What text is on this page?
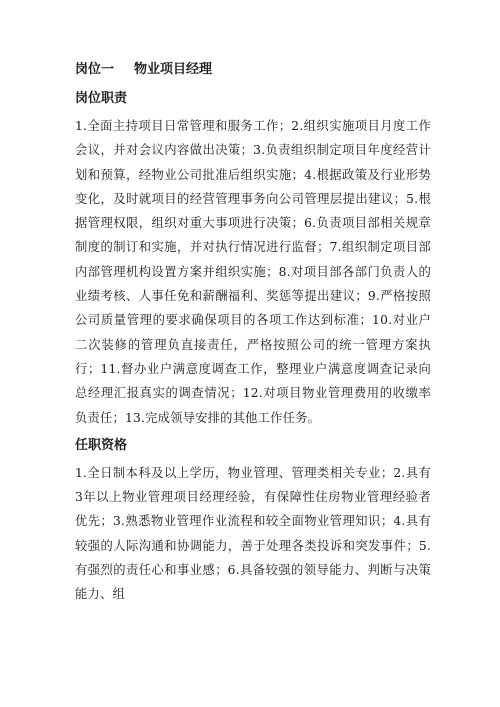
岗位一 物业项目经理
岗位职责

1.全面主持项目日常管理和服务工作；2.组织实施项目月度工作会议，并对会议内容做出决策；3.负责组织制定项目年度经营计划和预算，经物业公司批准后组织实施；4.根据政策及行业形势变化，及时就项目的经营管理事务向公司管理层提出建议；5.根据管理权限，组织对重大事项进行决策；6.负责项目部相关规章制度的制订和实施，并对执行情况进行监督；7.组织制定项目部内部管理机构设置方案并组织实施；8.对项目部各部门负责人的业绩考核、人事任免和薪酬福利、奖惩等提出建议；9.严格按照公司质量管理的要求确保项目的各项工作达到标准；10.对业户二次装修的管理负直接责任，严格按照公司的统一管理方案执行；11.督办业户满意度调查工作，整理业户满意度调查记录向总经理汇报真实的调查情况；12.对项目物业管理费用的收缴率负责任；13.完成领导安排的其他工作任务。

任职资格

1.全日制本科及以上学历，物业管理、管理类相关专业；2.具有3年以上物业管理项目经理经验，有保障性住房物业管理经验者优先；3.熟悉物业管理作业流程和较全面物业管理知识；4.具有较强的人际沟通和协调能力，善于处理各类投诉和突发事件；5.有强烈的责任心和事业感；6.具备较强的领导能力、判断与决策能力、组
